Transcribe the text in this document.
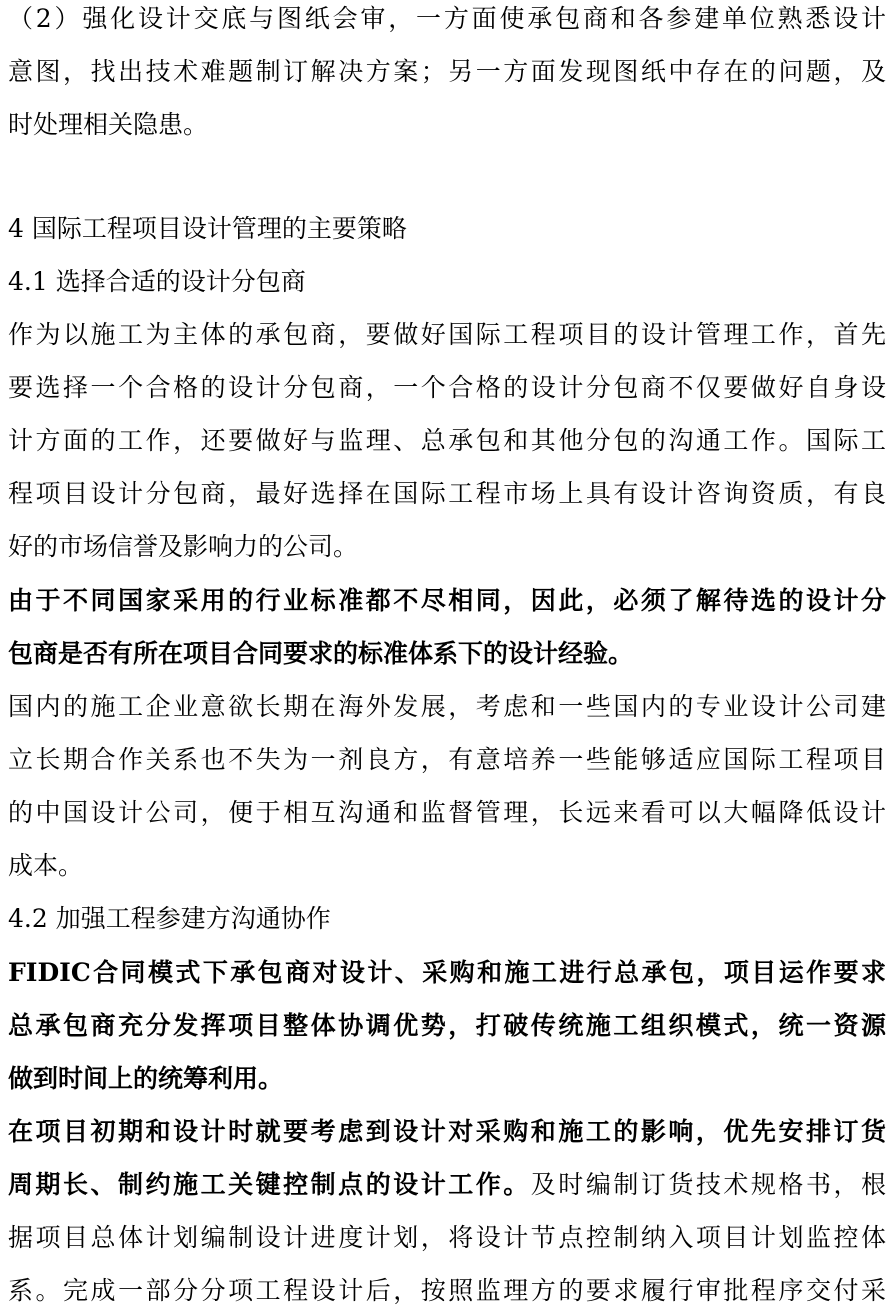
（2）强化设计交底与图纸会审，一方面使承包商和各参建单位熟悉设计
意图，找出技术难题制订解决方案；另一方面发现图纸中存在的问题，及
时处理相关隐患。
4 国际工程项目设计管理的主要策略
4.1 选择合适的设计分包商
作为以施工为主体的承包商，要做好国际工程项目的设计管理工作，首先
要选择一个合格的设计分包商，一个合格的设计分包商不仅要做好自身设
计方面的工作，还要做好与监理、总承包和其他分包的沟通工作。国际工
程项目设计分包商，最好选择在国际工程市场上具有设计咨询资质，有良
好的市场信誉及影响力的公司。
由于不同国家采用的行业标准都不尽相同，因此，必须了解待选的设计分
包商是否有所在项目合同要求的标准体系下的设计经验。
国内的施工企业意欲长期在海外发展，考虑和一些国内的专业设计公司建
立长期合作关系也不失为一剂良方，有意培养一些能够适应国际工程项目
的中国设计公司，便于相互沟通和监督管理，长远来看可以大幅降低设计
成本。
4.2 加强工程参建方沟通协作
FIDIC合同模式下承包商对设计、采购和施工进行总承包，项目运作要求
总承包商充分发挥项目整体协调优势，打破传统施工组织模式，统一资源
做到时间上的统筹利用。
在项目初期和设计时就要考虑到设计对采购和施工的影响，优先安排订货
周期长、制约施工关键控制点的设计工作。及时编制订货技术规格书，根
据项目总体计划编制设计进度计划，将设计节点控制纳入项目计划监控体
系。完成一部分分项工程设计后，按照监理方的要求履行审批程序交付采
